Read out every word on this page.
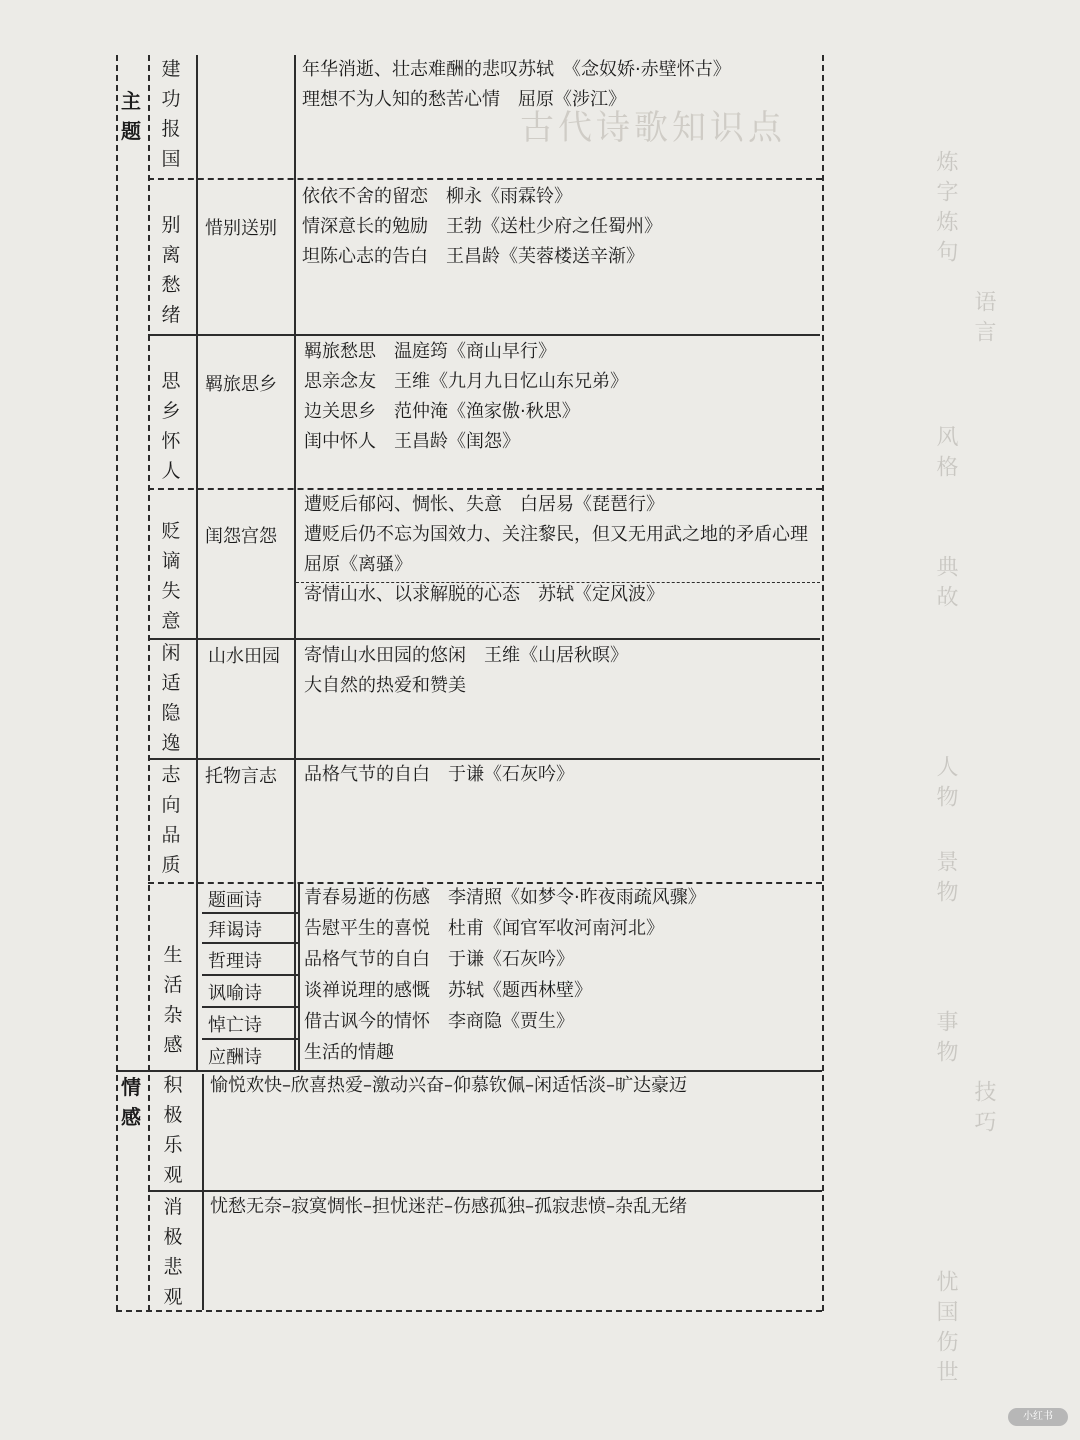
古代诗歌知识点
炼字炼句
语言
风格
典故
人物
景物
事物
技巧
忧国伤世
主题
情感
建功报国
别离愁绪
思乡怀人
贬谪失意
闲适隐逸
志向品质
生活杂感
积极乐观
消极悲观
惜别送别
羁旅思乡
闺怨宫怨
山水田园
托物言志
题画诗
拜谒诗
哲理诗
讽喻诗
悼亡诗
应酬诗
年华消逝、壮志难酬的悲叹苏轼　《念奴娇·赤壁怀古》
理想不为人知的愁苦心情　屈原《涉江》
依依不舍的留恋　柳永《雨霖铃》
情深意长的勉励　王勃《送杜少府之任蜀州》
坦陈心志的告白　王昌龄《芙蓉楼送辛渐》
羁旅愁思　温庭筠《商山早行》
思亲念友　王维《九月九日忆山东兄弟》
边关思乡　范仲淹《渔家傲·秋思》
闺中怀人　王昌龄《闺怨》
遭贬后郁闷、惆怅、失意　白居易《琵琶行》
遭贬后仍不忘为国效力、关注黎民，但又无用武之地的矛盾心理　屈原《离骚》
寄情山水、以求解脱的心态　苏轼《定风波》
寄情山水田园的悠闲　王维《山居秋暝》
大自然的热爱和赞美
品格气节的自白　于谦《石灰吟》
青春易逝的伤感　李清照《如梦令·昨夜雨疏风骤》
告慰平生的喜悦　杜甫《闻官军收河南河北》
品格气节的自白　于谦《石灰吟》
谈禅说理的感慨　苏轼《题西林壁》
借古讽今的情怀　李商隐《贾生》
生活的情趣
愉悦欢快–欣喜热爱–激动兴奋–仰慕钦佩–闲适恬淡–旷达豪迈
忧愁无奈–寂寞惆怅–担忧迷茫–伤感孤独–孤寂悲愤–杂乱无绪
小红书
